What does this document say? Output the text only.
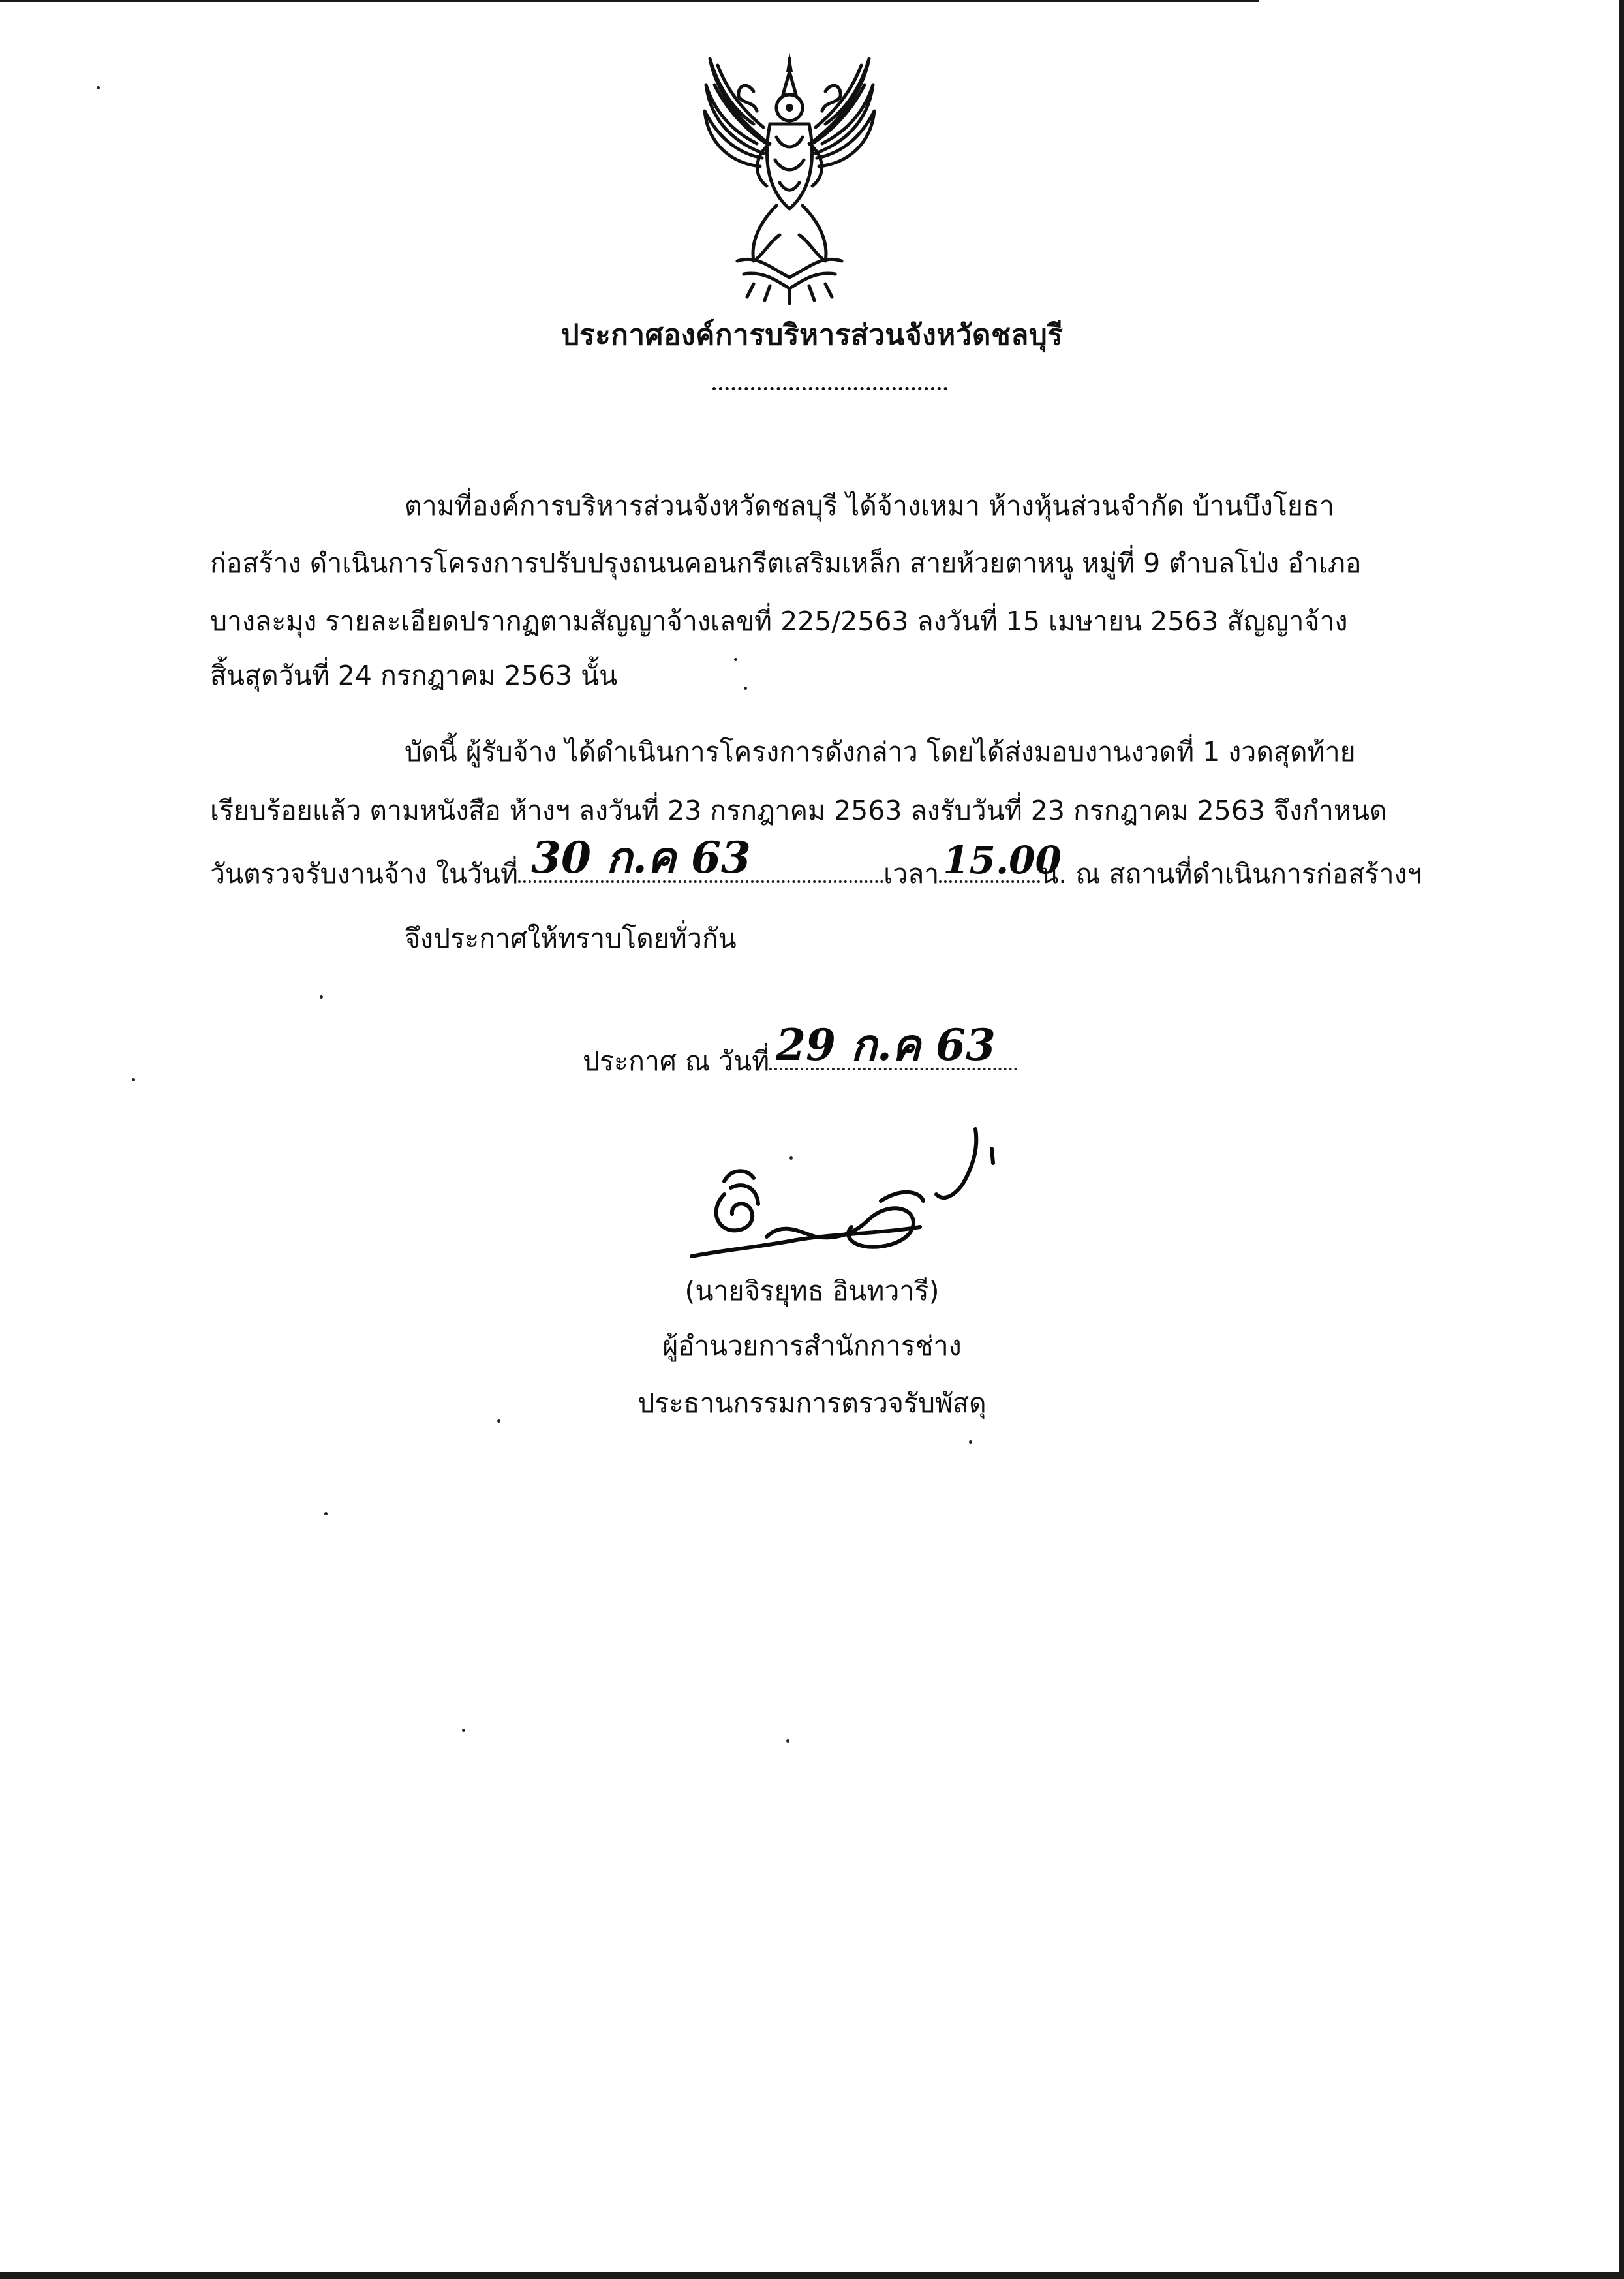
ประกาศองค์การบริหารส่วนจังหวัดชลบุรี
ตามที่องค์การบริหารส่วนจังหวัดชลบุรี ได้จ้างเหมา ห้างหุ้นส่วนจำกัด บ้านบึงโยธา
ก่อสร้าง ดำเนินการโครงการปรับปรุงถนนคอนกรีตเสริมเหล็ก สายห้วยตาหนู หมู่ที่ 9 ตำบลโป่ง อำเภอ
บางละมุง รายละเอียดปรากฏตามสัญญาจ้างเลขที่ 225/2563 ลงวันที่ 15 เมษายน 2563 สัญญาจ้าง
สิ้นสุดวันที่ 24 กรกฎาคม 2563 นั้น
บัดนี้ ผู้รับจ้าง ได้ดำเนินการโครงการดังกล่าว โดยได้ส่งมอบงานงวดที่ 1 งวดสุดท้าย
เรียบร้อยแล้ว ตามหนังสือ ห้างฯ ลงวันที่ 23 กรกฎาคม 2563 ลงรับวันที่ 23 กรกฎาคม 2563 จึงกำหนด
วันตรวจรับงานจ้าง ในวันที่ 30 ก.ค 63	เวลา 15.00
น. ณ สถานที่ดำเนินการก่อสร้างฯ
จึงประกาศให้ทราบโดยทั่วกัน
ประกาศ ณ วันที่ 29 ก.ค 63
(นายจิรยุทธ อินทวารี)
ผู้อำนวยการสำนักการช่าง
ประธานกรรมการตรวจรับพัสดุ
